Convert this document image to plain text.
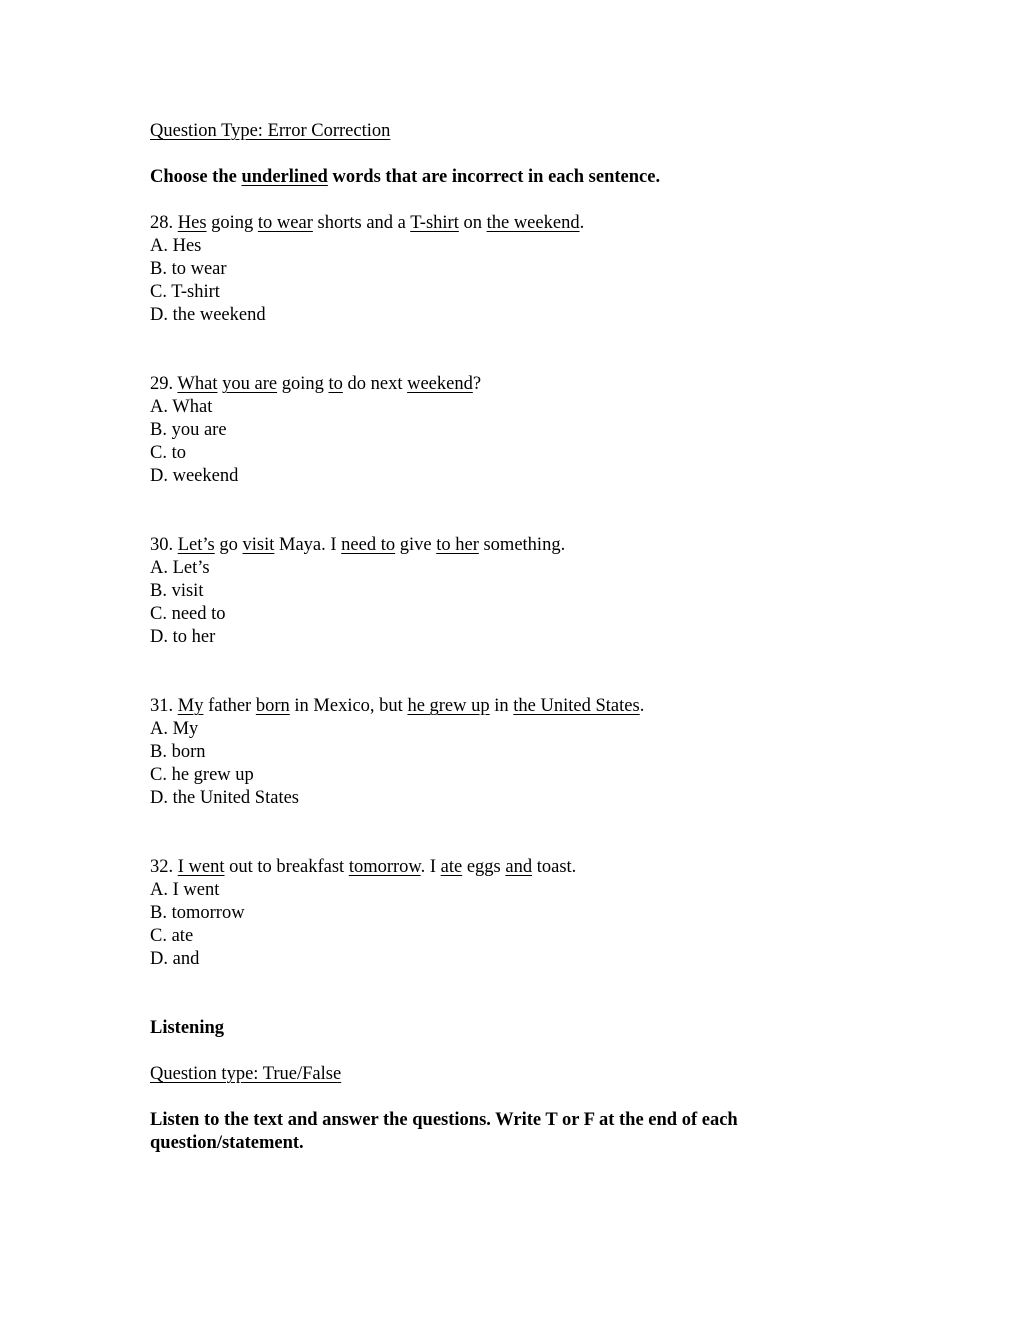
Question Type: Error Correction
Choose the underlined words that are incorrect in each sentence.
28. Hes going to wear shorts and a T-shirt on the weekend.
A. Hes
B. to wear
C. T-shirt
D. the weekend
29. What you are going to do next weekend?
A. What
B. you are
C. to
D. weekend
30. Let’s go visit Maya. I need to give to her something.
A. Let’s
B. visit
C. need to
D. to her
31. My father born in Mexico, but he grew up in the United States.
A. My
B. born
C. he grew up
D. the United States
32. I went out to breakfast tomorrow. I ate eggs and toast.
A. I went
B. tomorrow
C. ate
D. and
Listening
Question type: True/False
Listen to the text and answer the questions. Write T or F at the end of each
question/statement.
